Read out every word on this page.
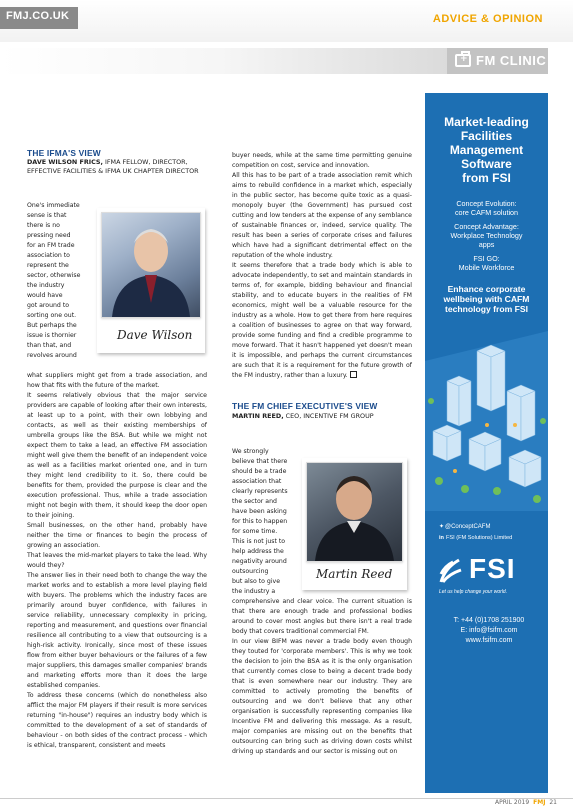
FMJ.CO.UK	ADVICE & OPINION
+
FM CLINIC
THE IFMA'S VIEW
DAVE WILSON FRICS, IFMA FELLOW, DIRECTOR, EFFECTIVE FACILITIES & IFMA UK CHAPTER DIRECTOR
One's immediate
sense is that
there is no
pressing need
for an FM trade
association to
represent the
sector, otherwise
the industry
would have
got around to
sorting one out.
But perhaps the
issue is thornier
than that, and
revolves around
Dave Wilson
what suppliers might get from a trade association, and how that fits with the future of the market.
It seems relatively obvious that the major service providers are capable of looking after their own interests, at least up to a point, with their own lobbying and contacts, as well as their existing memberships of umbrella groups like the BSA. But while we might not expect them to take a lead, an effective FM association might well give them the benefit of an independent voice as well as a facilities market oriented one, and in turn they might lend credibility to it. So, there could be benefits for them, provided the purpose is clear and the execution professional. Thus, while a trade association might not begin with them, it should keep the door open to their joining.
Small businesses, on the other hand, probably have neither the time or finances to begin the process of growing an association.
That leaves the mid-market players to take the lead. Why would they?
The answer lies in their need both to change the way the market works and to establish a more level playing field with buyers. The problems which the industry faces are primarily around buyer confidence, with failures in service reliability, unnecessary complexity in pricing, reporting and measurement, and questions over financial resilience all contributing to a view that outsourcing is a high-risk activity. Ironically, since most of these issues flow from either buyer behaviours or the failures of a few major suppliers, this damages smaller companies' brands and marketing efforts more than it does the large established companies.
To address these concerns (which do nonetheless also afflict the major FM players if their result is more services returning "in-house") requires an industry body which is committed to the development of a set of standards of behaviour - on both sides of the contract process - which is ethical, transparent, consistent and meets
buyer needs, while at the same time permitting genuine competition on cost, service and innovation.
All this has to be part of a trade association remit which aims to rebuild confidence in a market which, especially in the public sector, has become quite toxic as a quasi-monopoly buyer (the Government) has pursued cost cutting and low tenders at the expense of any semblance of sustainable finances or, indeed, service quality. The result has been a series of corporate crises and failures which have had a significant detrimental effect on the reputation of the whole industry.
It seems therefore that a trade body which is able to advocate independently, to set and maintain standards in terms of, for example, bidding behaviour and financial stability, and to educate buyers in the realities of FM economics, might well be a valuable resource for the industry as a whole. How to get there from here requires a coalition of businesses to agree on that way forward, provide some funding and find a credible programme to move forward. That it hasn't happened yet doesn't mean it is impossible, and perhaps the current circumstances are such that it is a requirement for the future growth of the FM industry, rather than a luxury.
THE FM CHIEF EXECUTIVE'S VIEW
MARTIN REED, CEO, INCENTIVE FM GROUP
We strongly
believe that there
should be a trade
association that
clearly represents
the sector and
have been asking
for this to happen
for some time.
This is not just to
help address the
negativity around
outsourcing
but also to give
the industry a
Martin Reed
comprehensive and clear voice. The current situation is that there are enough trade and professional bodies around to cover most angles but there isn't a real trade body that covers traditional commercial FM.
In our view BIFM was never a trade body even though they touted for 'corporate members'. This is why we took the decision to join the BSA as it is the only organisation that currently comes close to being a decent trade body that is even somewhere near our industry. They are committed to actively promoting the benefits of outsourcing and we don't believe that any other organisation is successfully representing companies like Incentive FM and delivering this message. As a result, major companies are missing out on the benefits that outsourcing can bring such as driving down costs whilst driving up standards and our sector is missing out on
Market-leading
Facilities
Management
Software
from FSI
Concept Evolution:
core CAFM solution
Concept Advantage:
Workplace Technology
apps
FSI GO:
Mobile Workforce
Enhance corporate
wellbeing with CAFM
technology from FSI
✦@ConceptCAFM
in FSI (FM Solutions) Limited
FSI
Let us help change your world.
T: +44 (0)1708 251900
E: info@fsifm.com
www.fsifm.com
APRIL 2019 FMJ 21
